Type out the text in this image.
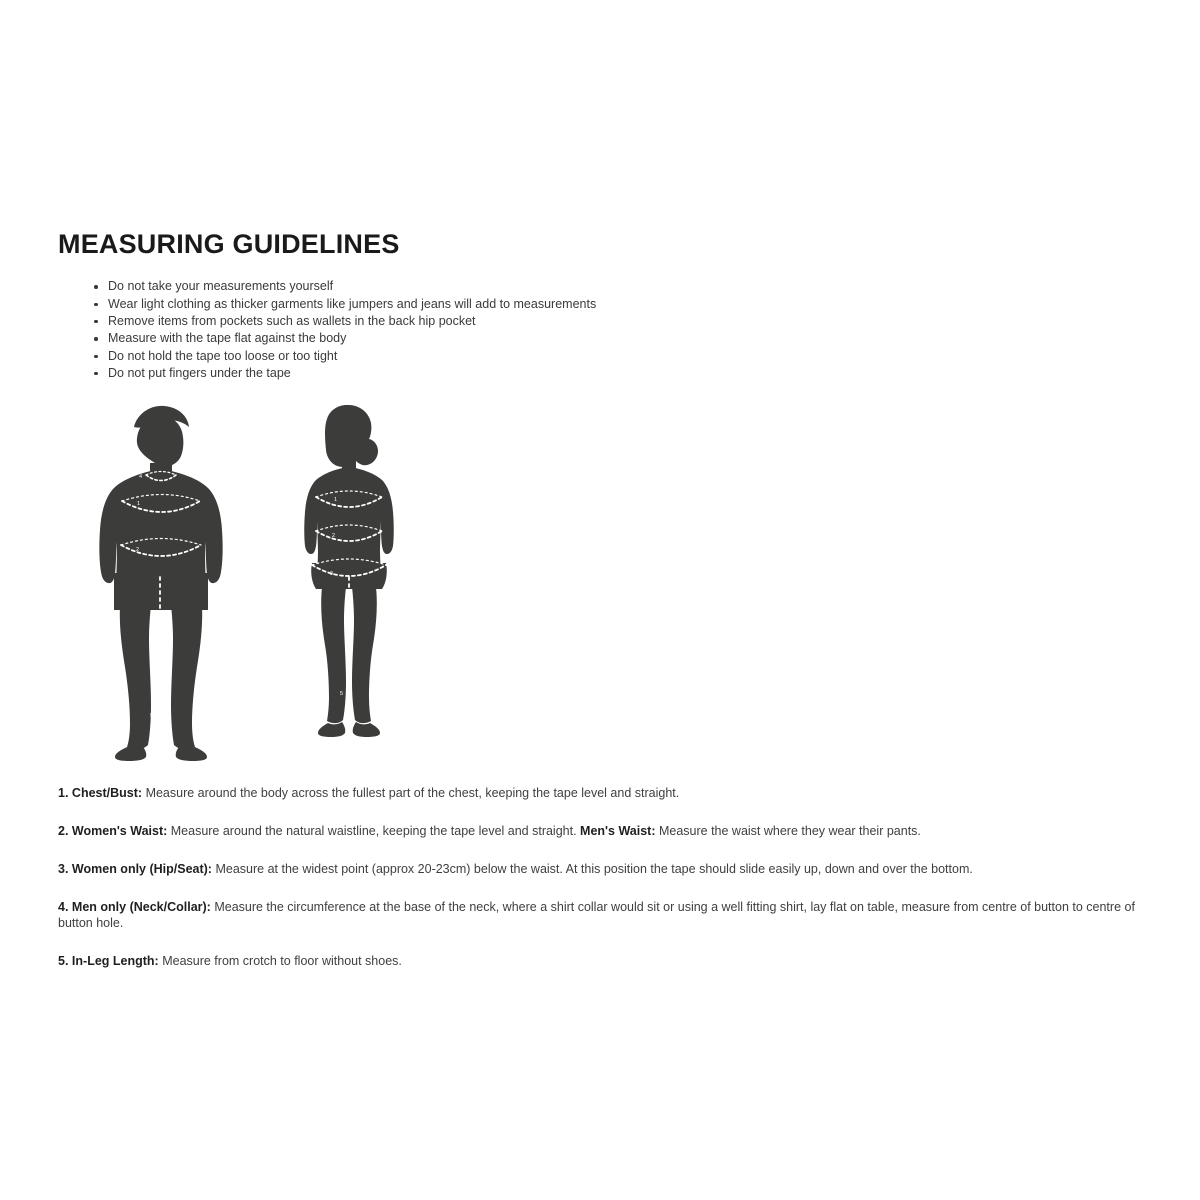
MEASURING GUIDELINES
Do not take your measurements yourself
Wear light clothing as thicker garments like jumpers and jeans will add to measurements
Remove items from pockets such as wallets in the back hip pocket
Measure with the tape flat against the body
Do not hold the tape too loose or too tight
Do not put fingers under the tape
4
1
2
5
1
2
3
5

1. Chest/Bust: Measure around the body across the fullest part of the chest, keeping the tape level and straight.

2. Women's Waist: Measure around the natural waistline, keeping the tape level and straight. Men's Waist: Measure the waist where they wear their pants.

3. Women only (Hip/Seat): Measure at the widest point (approx 20-23cm) below the waist. At this position the tape should slide easily up, down and over the bottom.

4. Men only (Neck/Collar): Measure the circumference at the base of the neck, where a shirt collar would sit or using a well fitting shirt, lay flat on table, measure from centre of button to centre of button hole.

5. In-Leg Length: Measure from crotch to floor without shoes.
